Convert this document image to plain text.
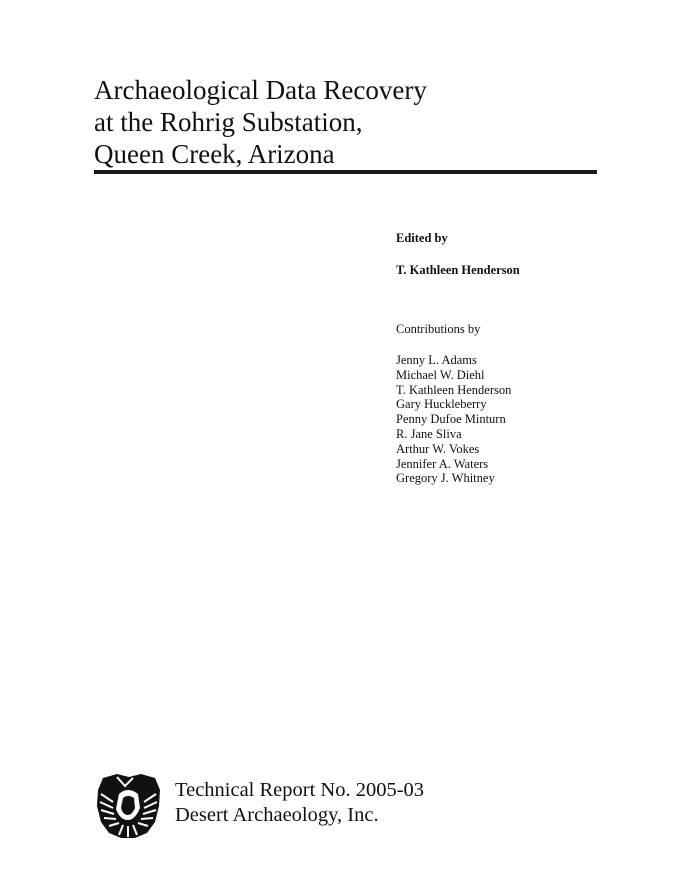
Archaeological Data Recovery
at the Rohrig Substation,
Queen Creek, Arizona
Edited by
T. Kathleen Henderson
Contributions by
Jenny L. Adams
Michael W. Diehl
T. Kathleen Henderson
Gary Huckleberry
Penny Dufoe Minturn
R. Jane Sliva
Arthur W. Vokes
Jennifer A. Waters
Gregory J. Whitney
Technical Report No. 2005-03
Desert Archaeology, Inc.
